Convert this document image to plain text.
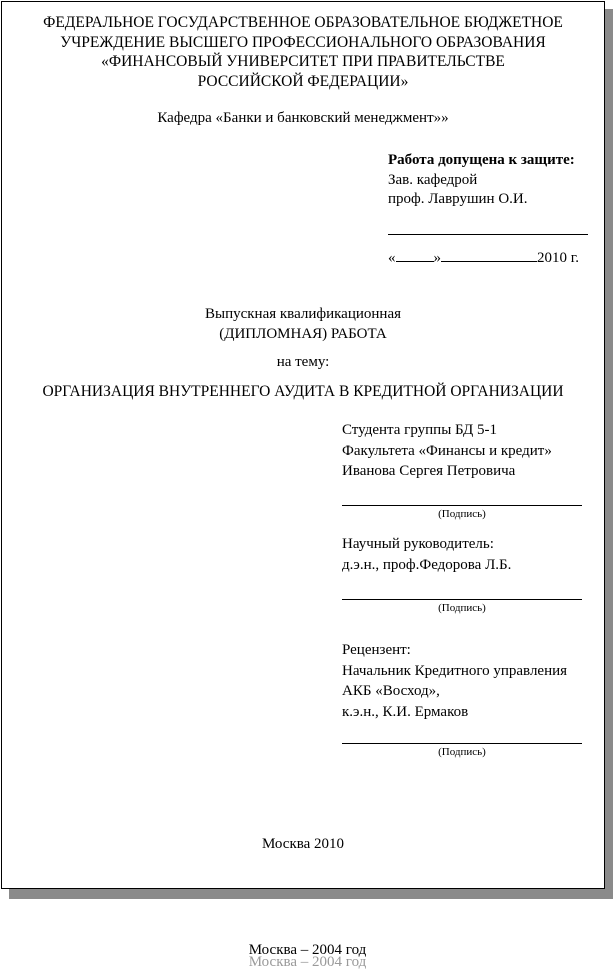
ФЕДЕРАЛЬНОЕ ГОСУДАРСТВЕННОЕ ОБРАЗОВАТЕЛЬНОЕ БЮДЖЕТНОЕ
УЧРЕЖДЕНИЕ ВЫСШЕГО ПРОФЕССИОНАЛЬНОГО ОБРАЗОВАНИЯ
«ФИНАНСОВЫЙ УНИВЕРСИТЕТ ПРИ ПРАВИТЕЛЬСТВЕ
РОССИЙСКОЙ ФЕДЕРАЦИИ»
Кафедра «Банки и банковский менеджмент»»
Работа допущена к защите:
Зав. кафедрой
проф. Лаврушин О.И.
«	»	2010 г.
Выпускная квалификационная
(ДИПЛОМНАЯ) РАБОТА
на тему:
ОРГАНИЗАЦИЯ ВНУТРЕННЕГО АУДИТА В КРЕДИТНОЙ ОРГАНИЗАЦИИ
Студента группы БД 5-1
Факультета «Финансы и кредит»
Иванова Сергея Петровича
(Подпись)
Научный руководитель:
д.э.н., проф.Федорова Л.Б.
(Подпись)
Рецензент:
Начальник Кредитного управления
АКБ «Восход»,
к.э.н., К.И. Ермаков
(Подпись)
Москва 2010
Москва – 2004 год
Москва – 2004 год
